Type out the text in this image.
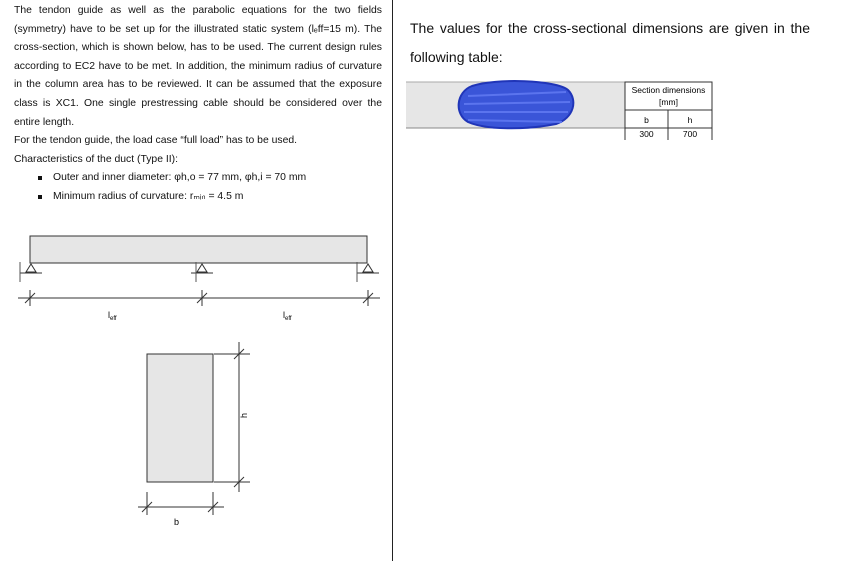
The tendon guide as well as the parabolic equations for the two fields (symmetry) have to be set up for the illustrated static system (lₑff=15 m). The cross-section, which is shown below, has to be used. The current design rules according to EC2 have to be met. In addition, the minimum radius of curvature in the column area has to be reviewed. It can be assumed that the exposure class is XC1. One single prestressing cable should be considered over the entire length.

For the tendon guide, the load case “full load” has to be used.

Characteristics of the duct (Type II):

Outer and inner diameter: φh,o = 77 mm, φh,i = 70 mm
Minimum radius of curvature: rₘᵢₙ = 4.5 m
$l_{eff}$	$l_{eff}$
h
b

The values for the cross-sectional dimensions are given in the following table:

Section dimensions
[mm]
b	h
300	700
